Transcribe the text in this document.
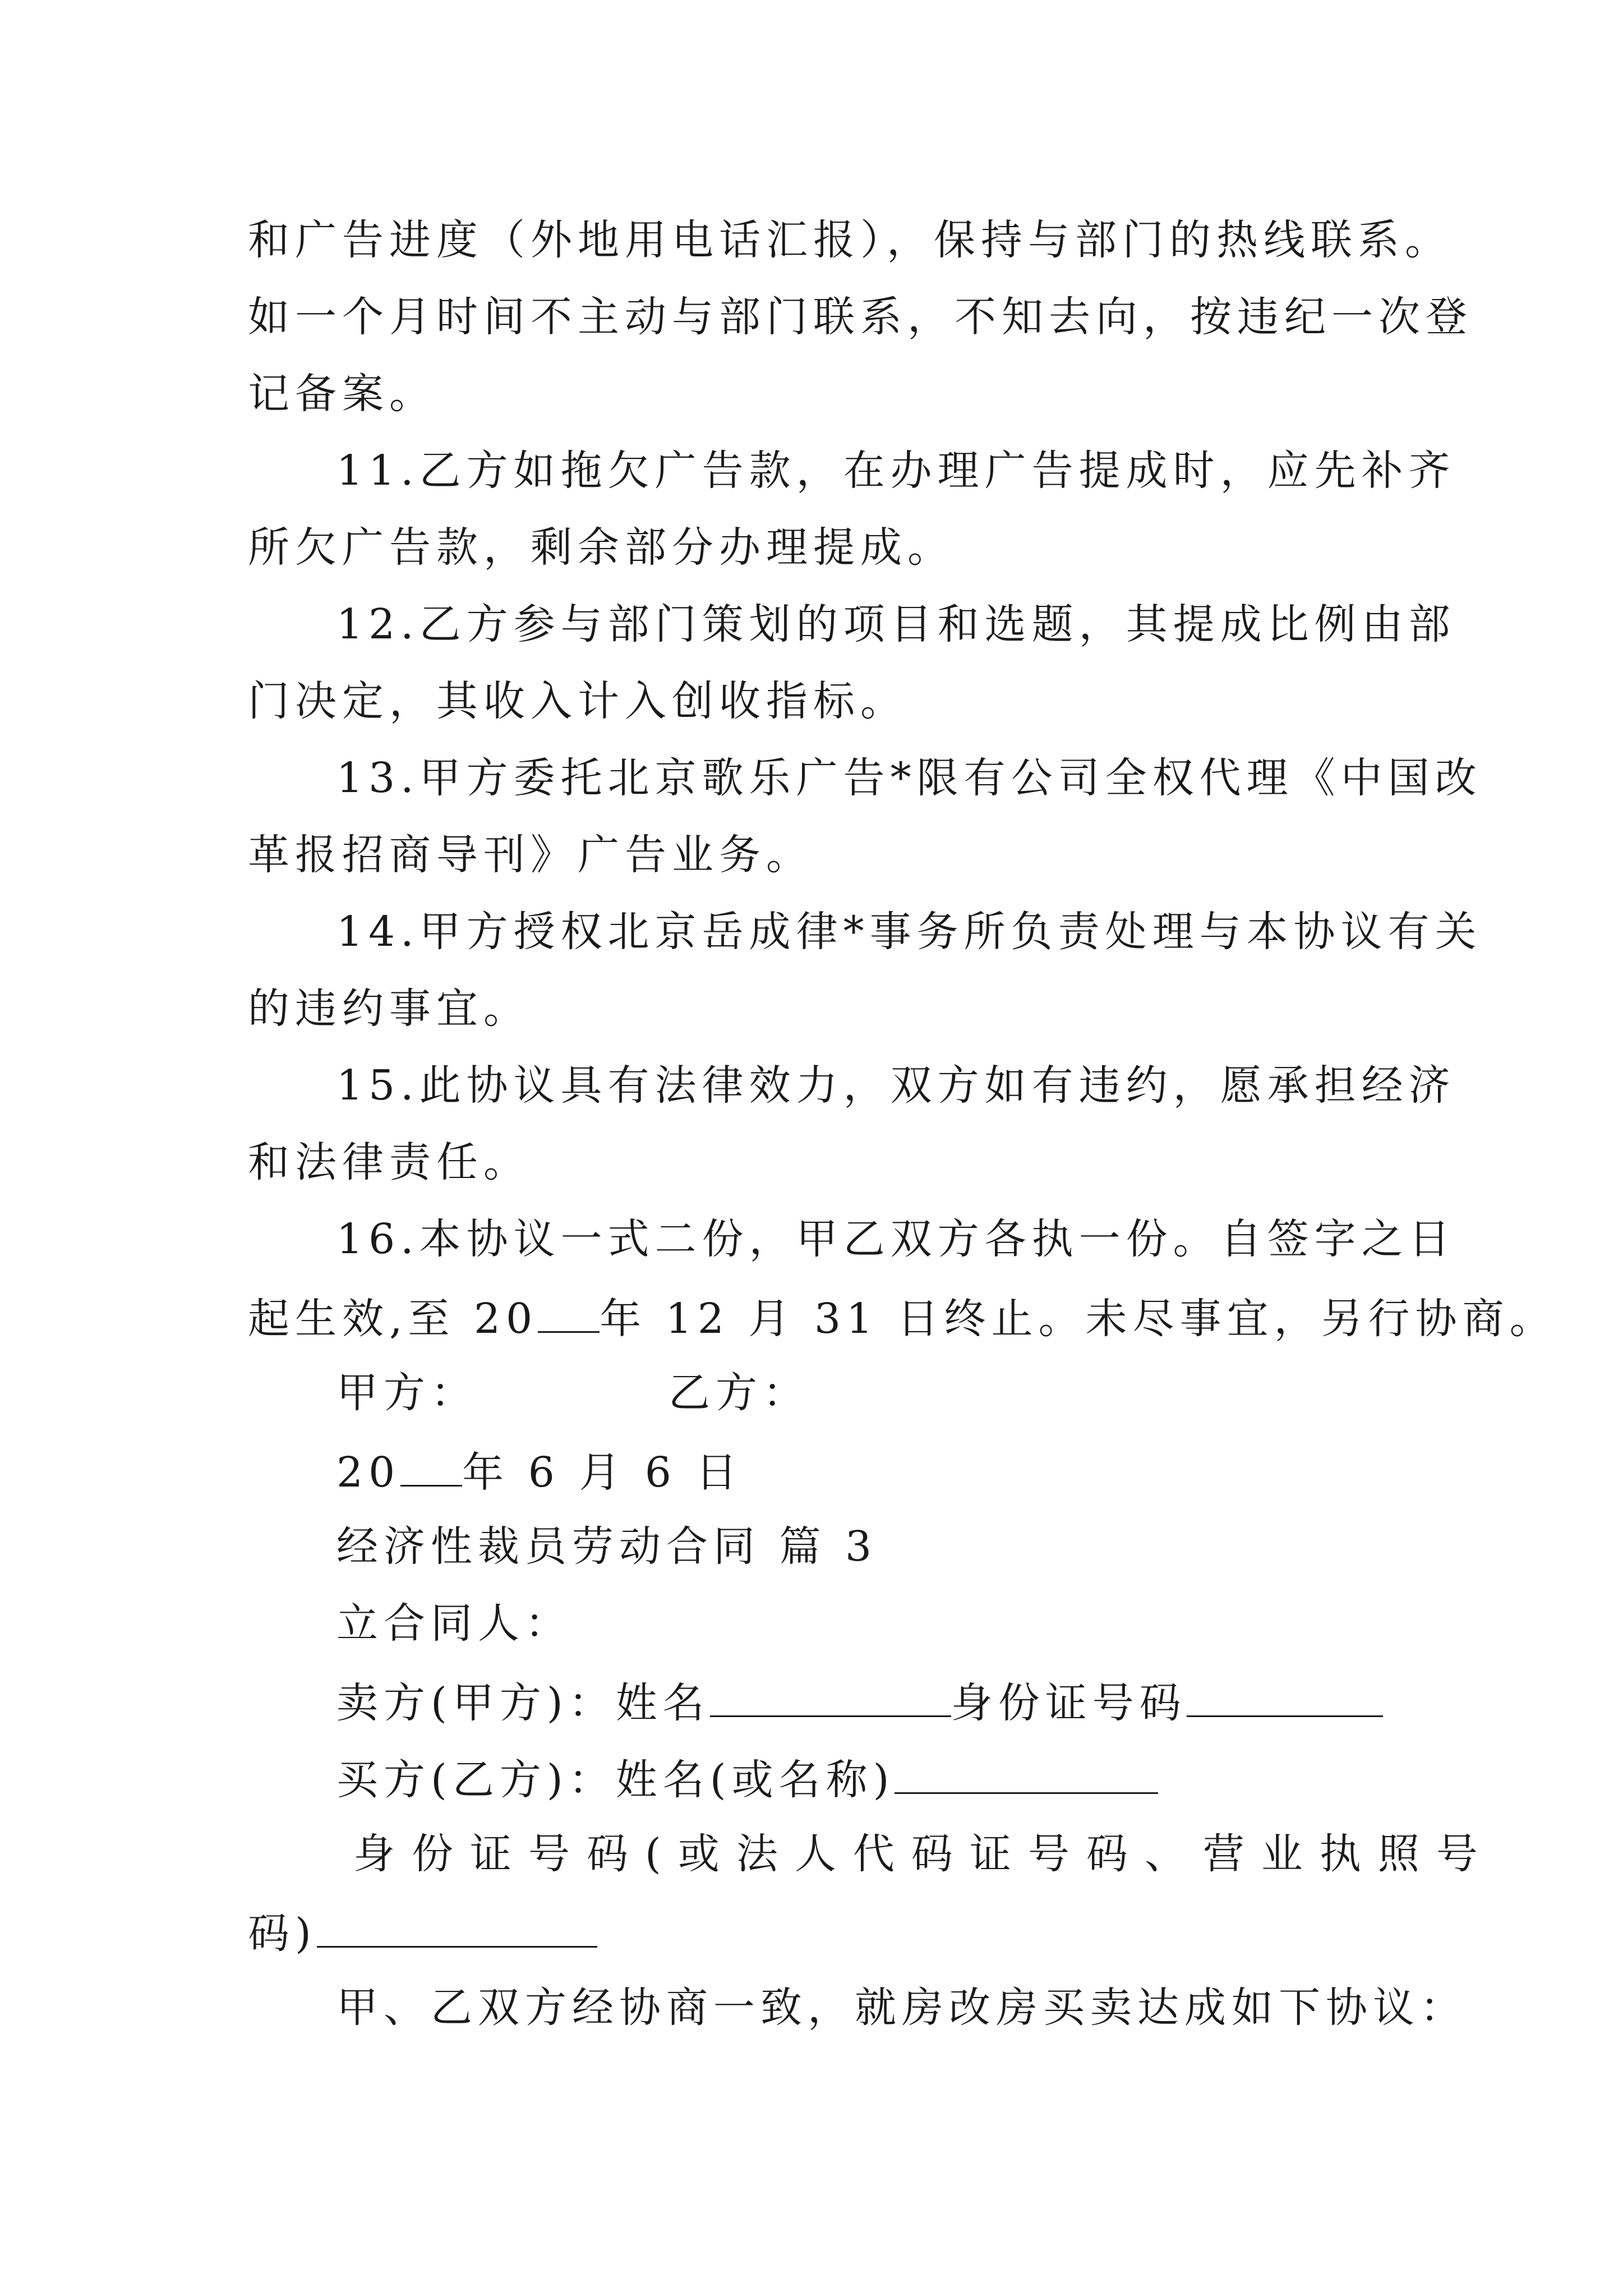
和广告进度（外地用电话汇报），保持与部门的热线联系。
如一个月时间不主动与部门联系，不知去向，按违纪一次登
记备案。
11.乙方如拖欠广告款，在办理广告提成时，应先补齐
所欠广告款，剩余部分办理提成。
12.乙方参与部门策划的项目和选题，其提成比例由部
门决定，其收入计入创收指标。
13.甲方委托北京歌乐广告*限有公司全权代理《中国改
革报招商导刊》广告业务。
14.甲方授权北京岳成律*事务所负责处理与本协议有关
的违约事宜。
15.此协议具有法律效力，双方如有违约，愿承担经济
和法律责任。
16.本协议一式二份，甲乙双方各执一份。自签字之日
起生效,至 20 年 12 月 31 日终止。未尽事宜，另行协商。
甲方：	乙方：
20 年 6 月 6 日
经济性裁员劳动合同 篇 3
立合同人：
卖方(甲方)：姓名	身份证号码
买方(乙方)：姓名(或名称)
身份证号码(或法人代码证号码、营业执照号
码)
甲、乙双方经协商一致，就房改房买卖达成如下协议：
